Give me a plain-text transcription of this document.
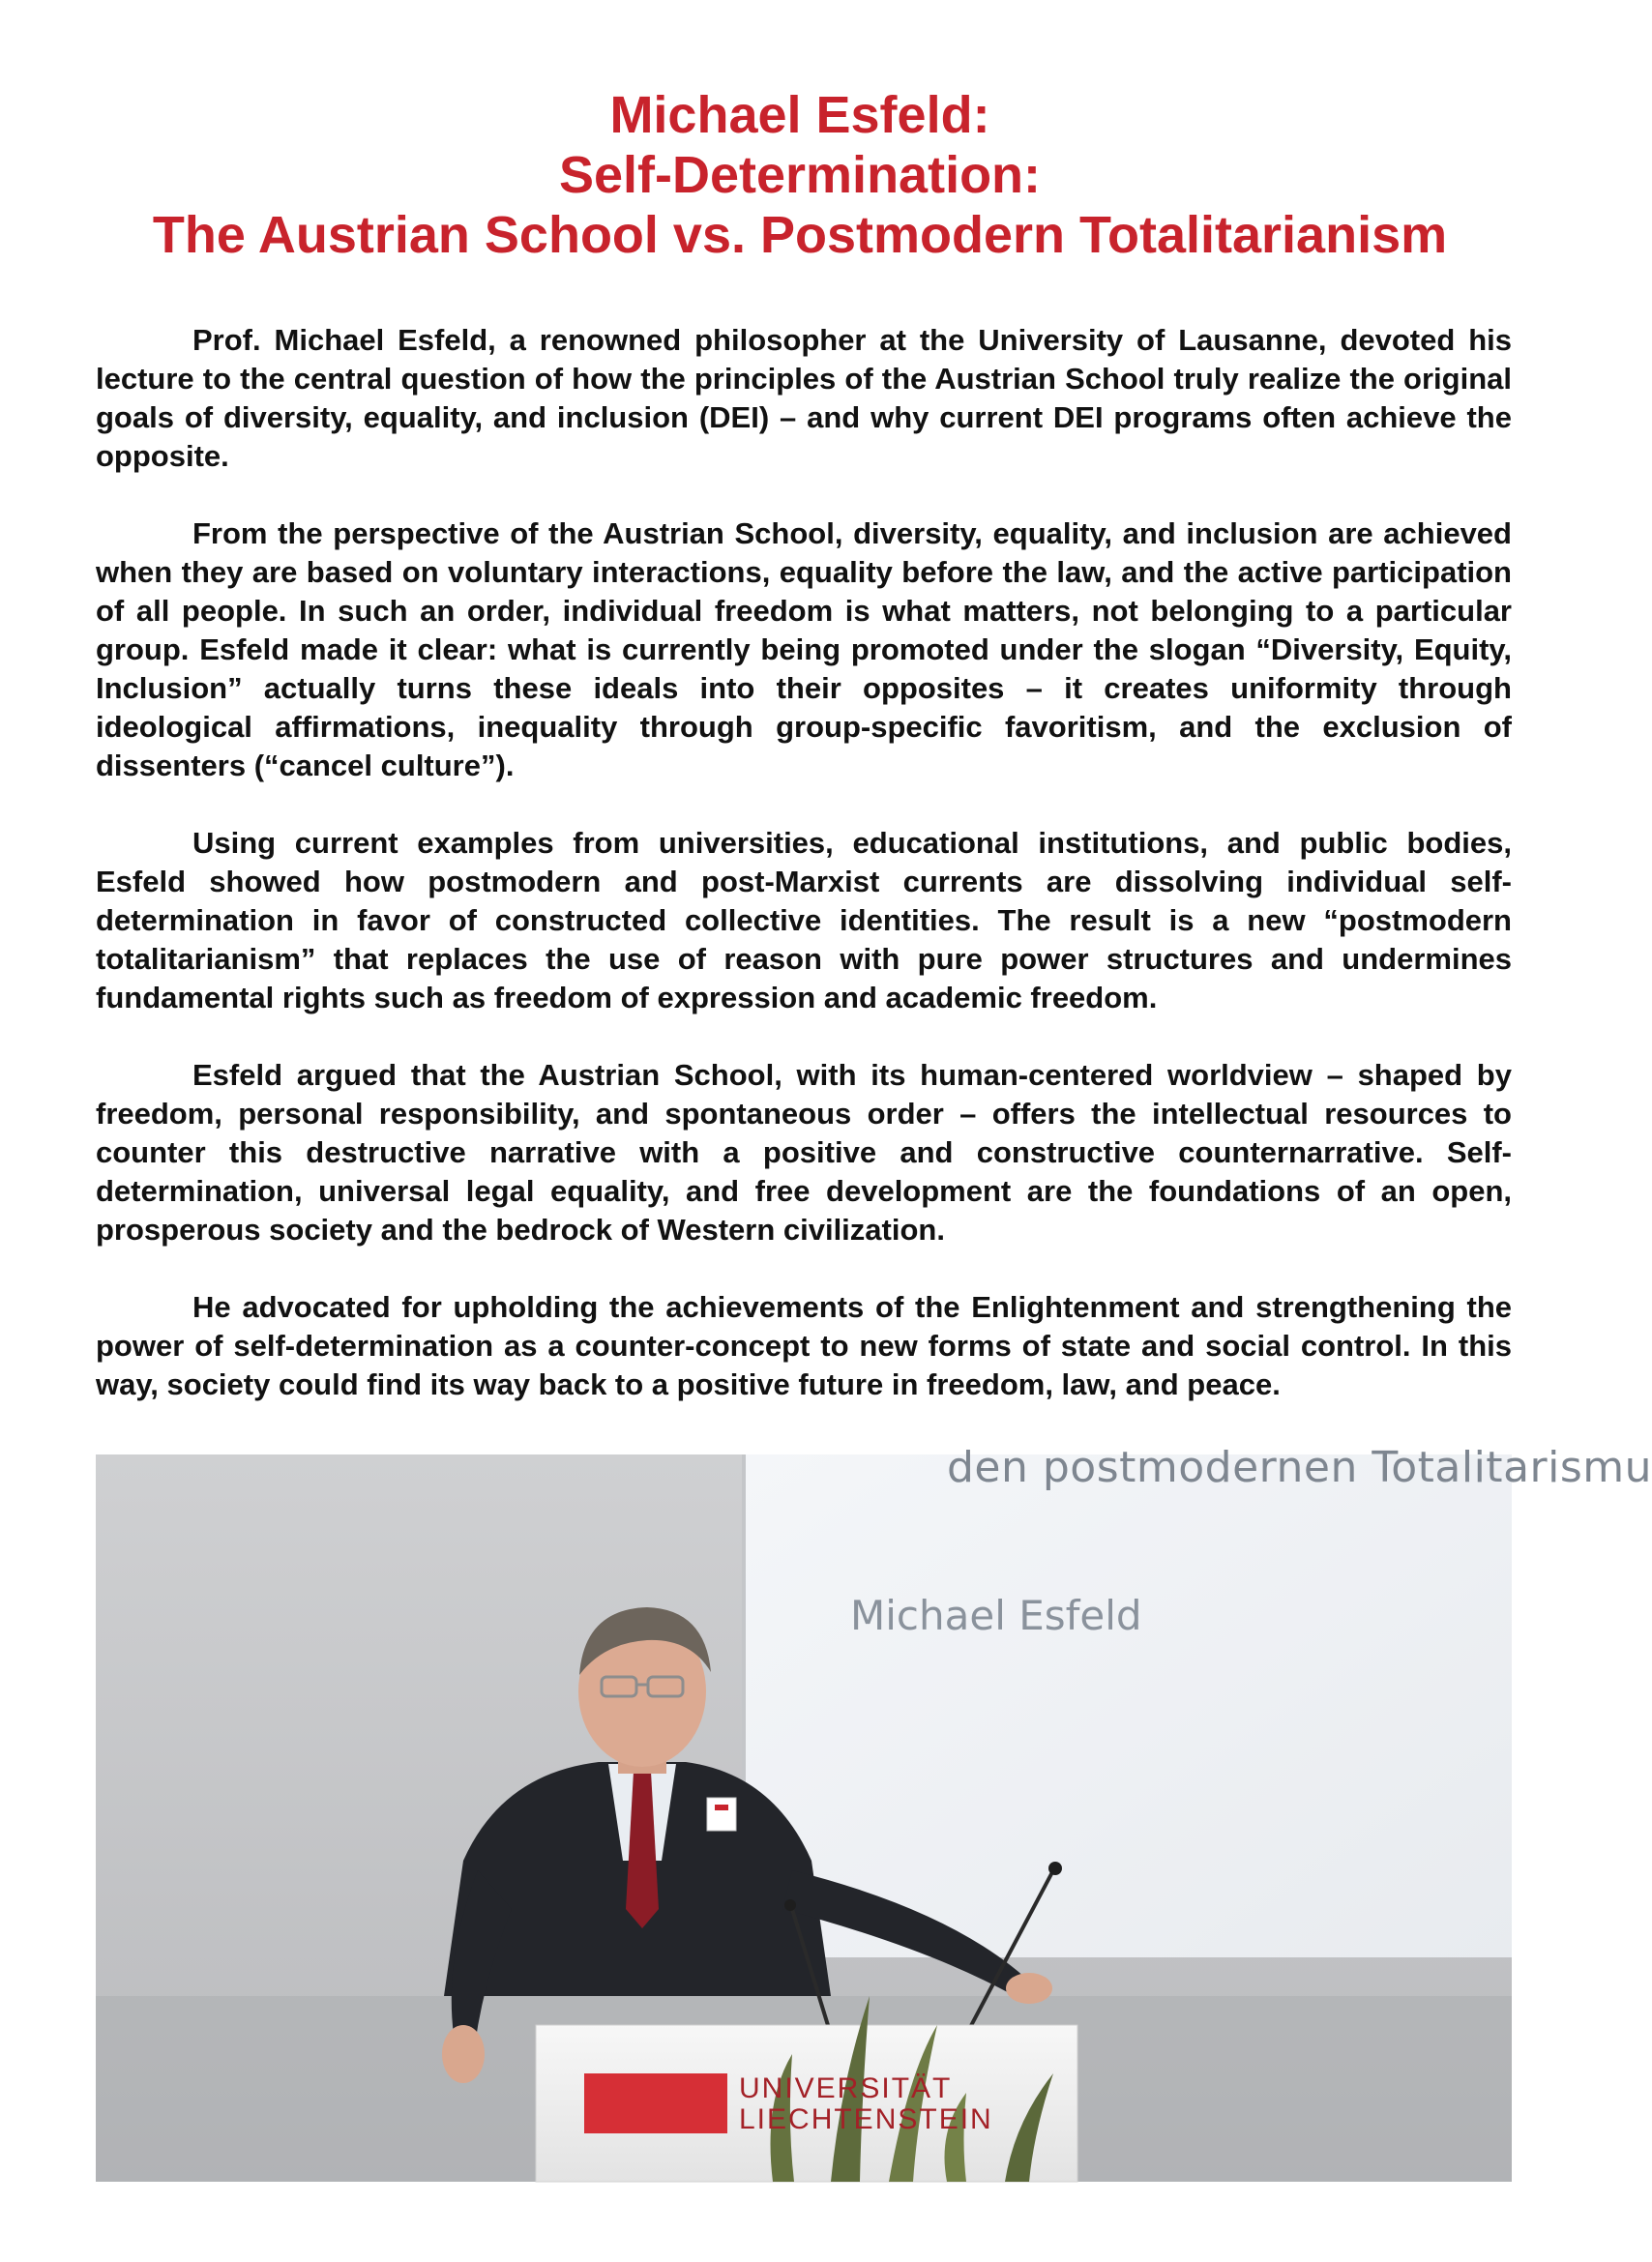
Michael Esfeld:
Self-Determination:
The Austrian School vs. Postmodern Totalitarianism

Prof. Michael Esfeld, a renowned philosopher at the University of Lausanne, devoted his lecture to the central question of how the principles of the Austrian School truly realize the original goals of diversity, equality, and inclusion (DEI) – and why current DEI programs often achieve the opposite.

From the perspective of the Austrian School, diversity, equality, and inclusion are achieved when they are based on voluntary interactions, equality before the law, and the active participation of all people. In such an order, individual freedom is what matters, not belonging to a particular group. Esfeld made it clear: what is currently being promoted under the slogan “Diversity, Equity, Inclusion” actually turns these ideals into their opposites – it creates uniformity through ideological affirmations, inequality through group-specific favoritism, and the exclusion of dissenters (“cancel culture”).

Using current examples from universities, educational institutions, and public bodies, Esfeld showed how postmodern and post-Marxist currents are dissolving individual self-determination in favor of constructed collective identities. The result is a new “postmodern totalitarianism” that replaces the use of reason with pure power structures and undermines fundamental rights such as freedom of expression and academic freedom.

Esfeld argued that the Austrian School, with its human-centered worldview – shaped by freedom, personal responsibility, and spontaneous order – offers the intellectual resources to counter this destructive narrative with a positive and constructive counternarrative. Self-determination, universal legal equality, and free development are the foundations of an open, prosperous society and the bedrock of Western civilization.

He advocated for upholding the achievements of the Enlightenment and strengthening the power of self-determination as a counter-concept to new forms of state and social control. In this way, society could find its way back to a positive future in freedom, law, and peace.

den postmodernen Totalitarismu
Michael Esfeld
UNIVERSITÄT
LIECHTENSTEIN
